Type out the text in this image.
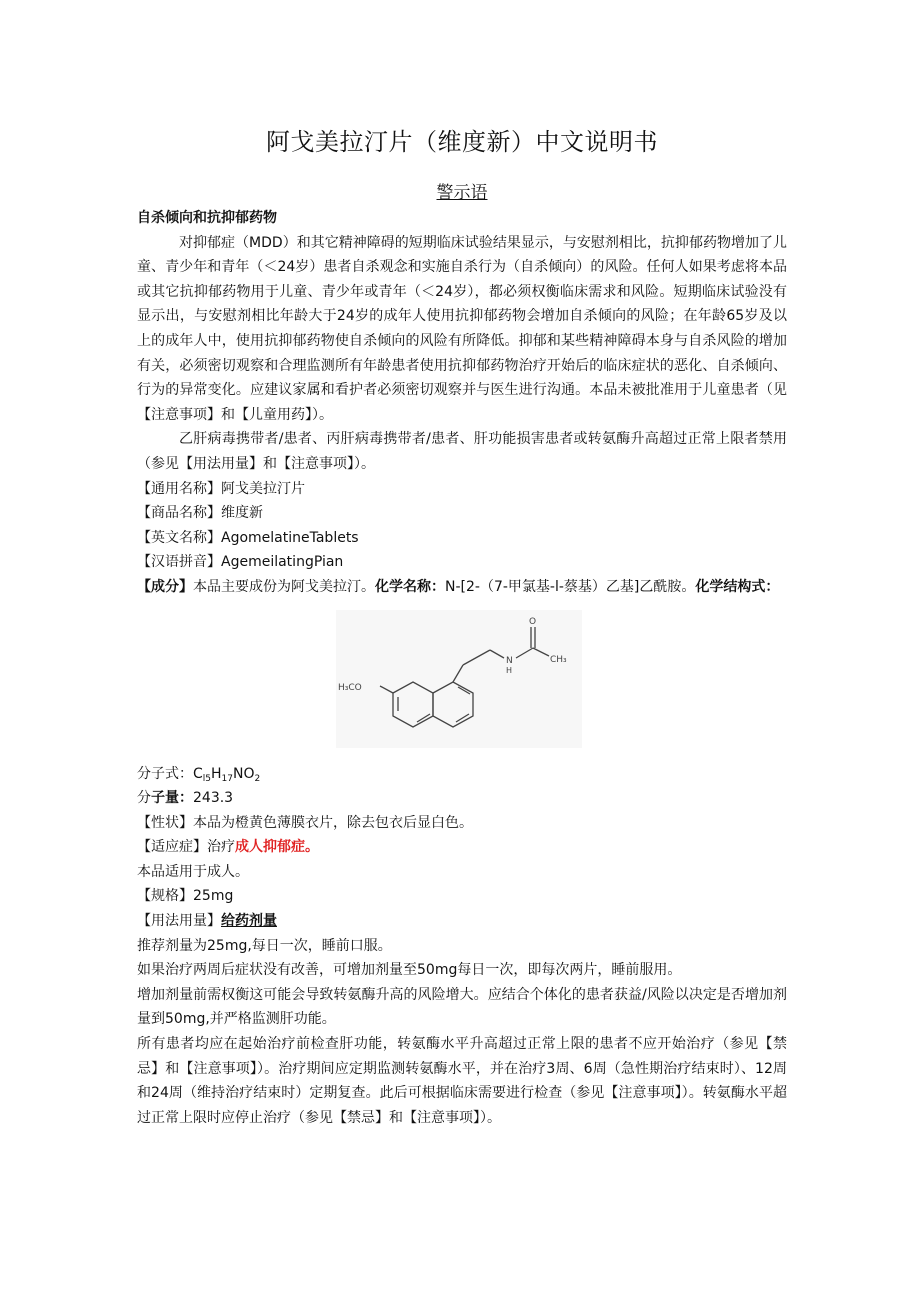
阿戈美拉汀片（维度新）中文说明书
警示语

自杀倾向和抗抑郁药物

对抑郁症（MDD）和其它精神障碍的短期临床试验结果显示，与安慰剂相比，抗抑郁药物增加了儿童、青少年和青年（＜24岁）患者自杀观念和实施自杀行为（自杀倾向）的风险。任何人如果考虑将本品或其它抗抑郁药物用于儿童、青少年或青年（＜24岁），都必须权衡临床需求和风险。短期临床试验没有显示出，与安慰剂相比年龄大于24岁的成年人使用抗抑郁药物会增加自杀倾向的风险；在年龄65岁及以上的成年人中，使用抗抑郁药物使自杀倾向的风险有所降低。抑郁和某些精神障碍本身与自杀风险的增加有关，必须密切观察和合理监测所有年龄患者使用抗抑郁药物治疗开始后的临床症状的恶化、自杀倾向、行为的异常变化。应建议家属和看护者必须密切观察并与医生进行沟通。本品未被批准用于儿童患者（见【注意事项】和【儿童用药】）。

乙肝病毒携带者/患者、丙肝病毒携带者/患者、肝功能损害患者或转氨酶升高超过正常上限者禁用（参见【用法用量】和【注意事项】）。

【通用名称】阿戈美拉汀片

【商品名称】维度新

【英文名称】AgomelatineTablets

【汉语拼音】AgemeilatingPian

【成分】本品主要成份为阿戈美拉汀。化学名称：N-[2-（7-甲氯基-l-蔡基）乙基]乙酰胺。化学结构式：

H₃CO
O
N
H
CH₃

分子式：$C_{l5}H_{17}NO_2$

分子量：243.3

【性状】本品为橙黄色薄膜衣片，除去包衣后显白色。

【适应症】治疗成人抑郁症。

本品适用于成人。

【规格】25mg

【用法用量】给药剂量

推荐剂量为25mg,每日一次，睡前口服。

如果治疗两周后症状没有改善，可增加剂量至50mg每日一次，即每次两片，睡前服用。

增加剂量前需权衡这可能会导致转氨酶升高的风险增大。应结合个体化的患者获益/风险以决定是否增加剂量到50mg,并严格监测肝功能。

所有患者均应在起始治疗前检查肝功能，转氨酶水平升高超过正常上限的患者不应开始治疗（参见【禁忌】和【注意事项】）。治疗期间应定期监测转氨酶水平，并在治疗3周、6周（急性期治疗结束时）、12周和24周（维持治疗结束时）定期复查。此后可根据临床需要进行检查（参见【注意事项】）。转氨酶水平超过正常上限时应停止治疗（参见【禁忌】和【注意事项】）。
